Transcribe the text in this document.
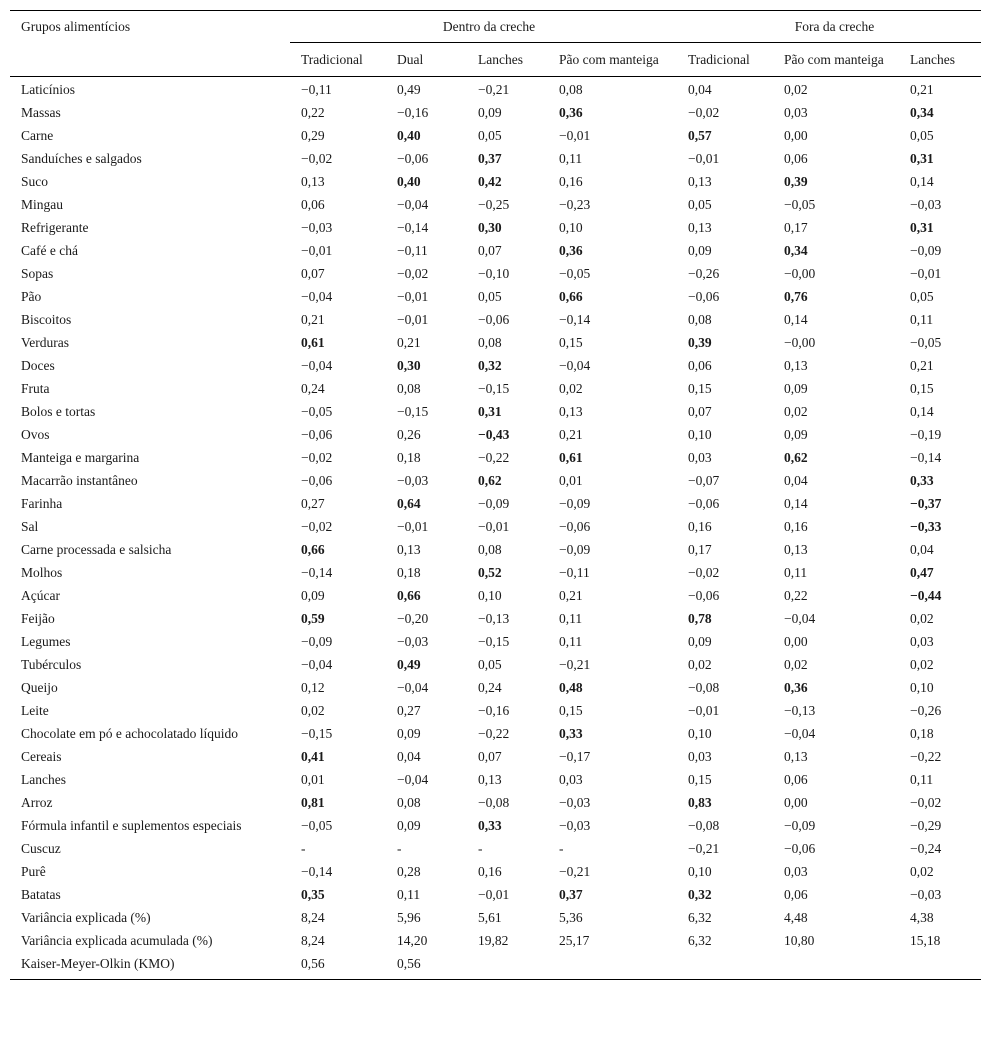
Grupos alimentícios	Dentro da creche				Fora da creche		
	Tradicional	Dual	Lanches	Pão com manteiga	Tradicional	Pão com manteiga	Lanches
Laticínios	−0,11	0,49	−0,21	0,08	0,04	0,02	0,21
Massas	0,22	−0,16	0,09	0,36	−0,02	0,03	0,34
Carne	0,29	0,40	0,05	−0,01	0,57	0,00	0,05
Sanduíches e salgados	−0,02	−0,06	0,37	0,11	−0,01	0,06	0,31
Suco	0,13	0,40	0,42	0,16	0,13	0,39	0,14
Mingau	0,06	−0,04	−0,25	−0,23	0,05	−0,05	−0,03
Refrigerante	−0,03	−0,14	0,30	0,10	0,13	0,17	0,31
Café e chá	−0,01	−0,11	0,07	0,36	0,09	0,34	−0,09
Sopas	0,07	−0,02	−0,10	−0,05	−0,26	−0,00	−0,01
Pão	−0,04	−0,01	0,05	0,66	−0,06	0,76	0,05
Biscoitos	0,21	−0,01	−0,06	−0,14	0,08	0,14	0,11
Verduras	0,61	0,21	0,08	0,15	0,39	−0,00	−0,05
Doces	−0,04	0,30	0,32	−0,04	0,06	0,13	0,21
Fruta	0,24	0,08	−0,15	0,02	0,15	0,09	0,15
Bolos e tortas	−0,05	−0,15	0,31	0,13	0,07	0,02	0,14
Ovos	−0,06	0,26	−0,43	0,21	0,10	0,09	−0,19
Manteiga e margarina	−0,02	0,18	−0,22	0,61	0,03	0,62	−0,14
Macarrão instantâneo	−0,06	−0,03	0,62	0,01	−0,07	0,04	0,33
Farinha	0,27	0,64	−0,09	−0,09	−0,06	0,14	−0,37
Sal	−0,02	−0,01	−0,01	−0,06	0,16	0,16	−0,33
Carne processada e salsicha	0,66	0,13	0,08	−0,09	0,17	0,13	0,04
Molhos	−0,14	0,18	0,52	−0,11	−0,02	0,11	0,47
Açúcar	0,09	0,66	0,10	0,21	−0,06	0,22	−0,44
Feijão	0,59	−0,20	−0,13	0,11	0,78	−0,04	0,02
Legumes	−0,09	−0,03	−0,15	0,11	0,09	0,00	0,03
Tubérculos	−0,04	0,49	0,05	−0,21	0,02	0,02	0,02
Queijo	0,12	−0,04	0,24	0,48	−0,08	0,36	0,10
Leite	0,02	0,27	−0,16	0,15	−0,01	−0,13	−0,26
Chocolate em pó e achocolatado líquido	−0,15	0,09	−0,22	0,33	0,10	−0,04	0,18
Cereais	0,41	0,04	0,07	−0,17	0,03	0,13	−0,22
Lanches	0,01	−0,04	0,13	0,03	0,15	0,06	0,11
Arroz	0,81	0,08	−0,08	−0,03	0,83	0,00	−0,02
Fórmula infantil e suplementos especiais	−0,05	0,09	0,33	−0,03	−0,08	−0,09	−0,29
Cuscuz	-	-	-	-	−0,21	−0,06	−0,24
Purê	−0,14	0,28	0,16	−0,21	0,10	0,03	0,02
Batatas	0,35	0,11	−0,01	0,37	0,32	0,06	−0,03
Variância explicada (%)	8,24	5,96	5,61	5,36	6,32	4,48	4,38
Variância explicada acumulada (%)	8,24	14,20	19,82	25,17	6,32	10,80	15,18
Kaiser-Meyer-Olkin (KMO)	0,56	0,56					
